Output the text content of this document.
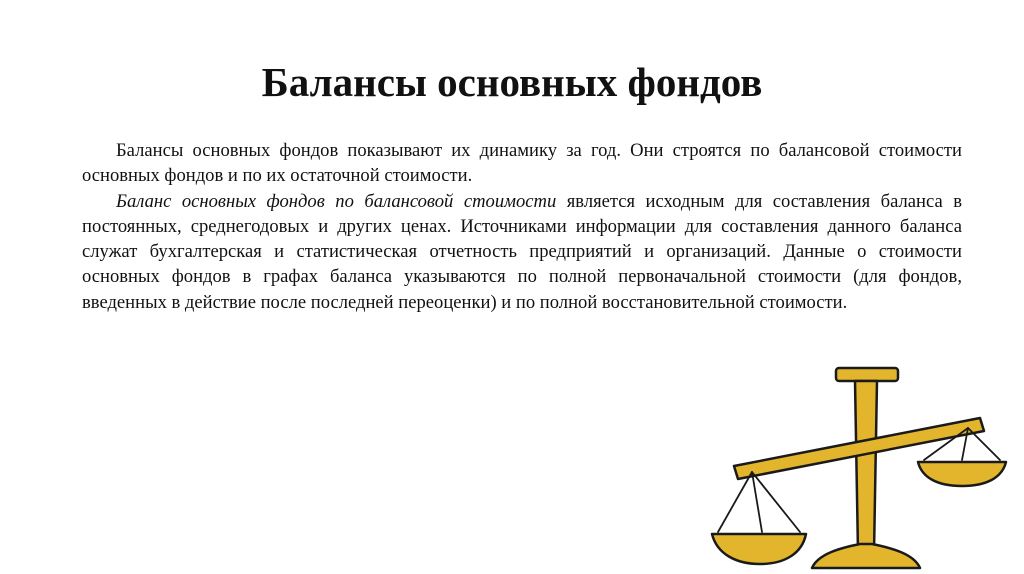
Балансы основных фондов

Балансы основных фондов показывают их динамику за год. Они строятся по балансовой стоимости основных фондов и по их остаточной стоимости.

Баланс основных фондов по балансовой стоимости является исходным для составления баланса в постоянных, среднегодовых и других ценах. Источниками информации для составления данного баланса служат бухгалтерская и статистическая отчетность предприятий и организаций. Данные о стоимости основных фондов в графах баланса указываются по полной первоначальной стоимости (для фондов, введенных в действие после последней переоценки) и по полной восстановительной стоимости.
